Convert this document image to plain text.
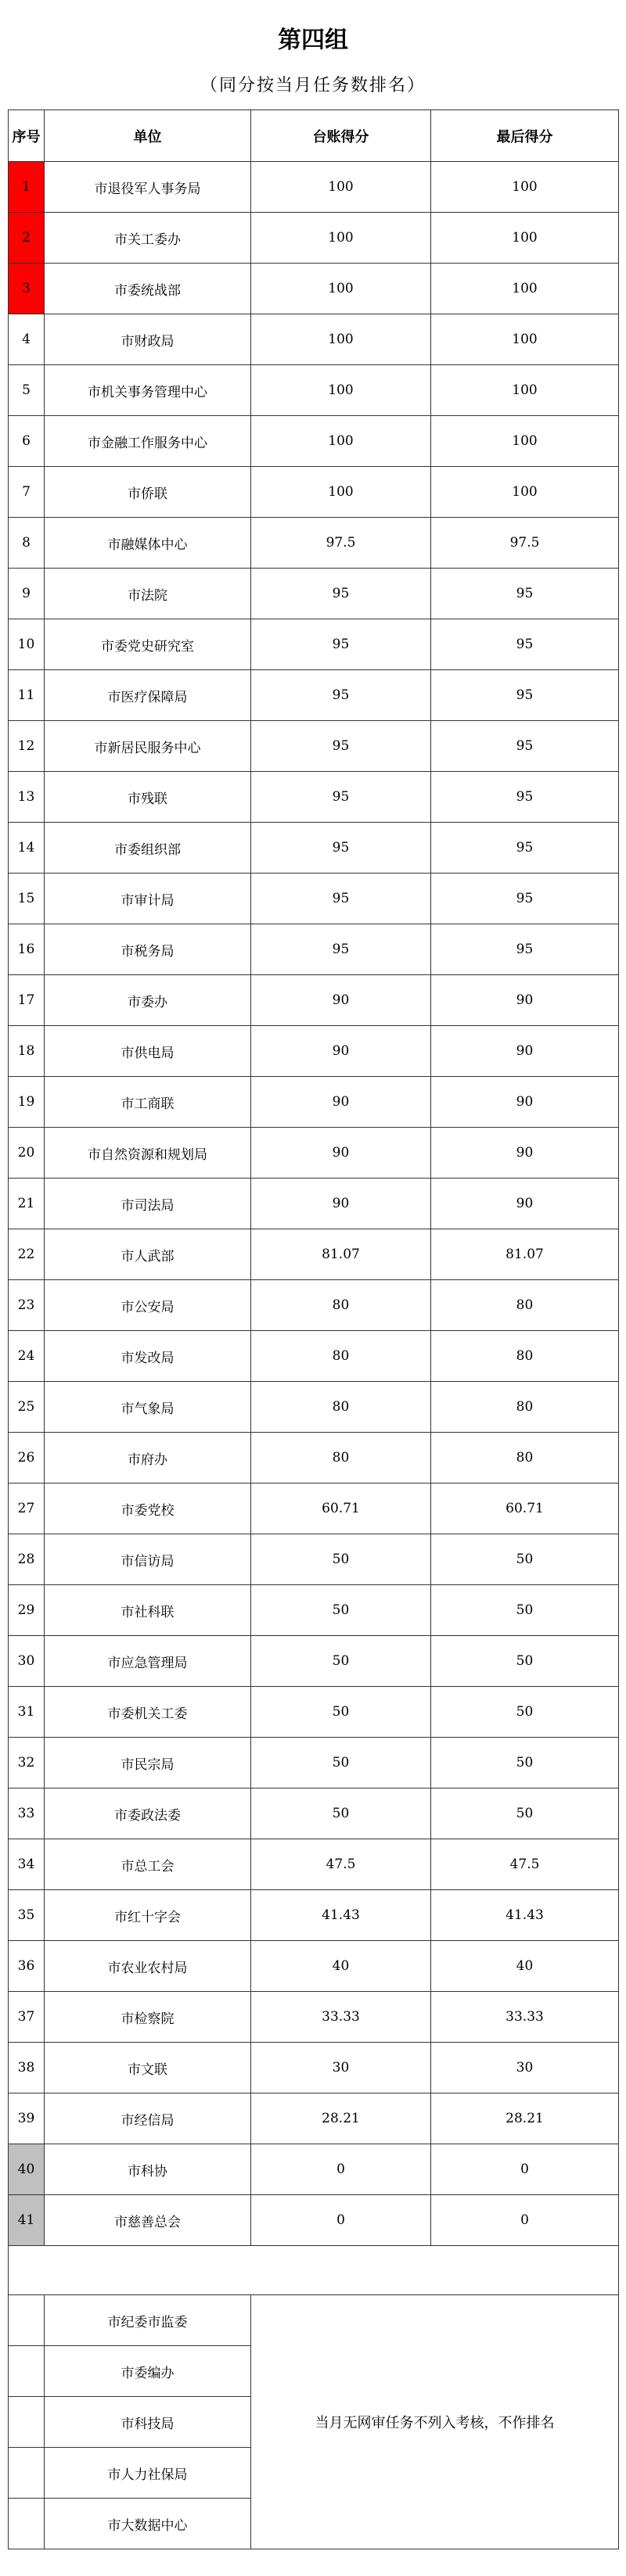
第四组
（同分按当月任务数排名）
序号	单位	台账得分	最后得分
1	市退役军人事务局	100	100
2	市关工委办	100	100
3	市委统战部	100	100
4	市财政局	100	100
5	市机关事务管理中心	100	100
6	市金融工作服务中心	100	100
7	市侨联	100	100
8	市融媒体中心	97.5	97.5
9	市法院	95	95
10	市委党史研究室	95	95
11	市医疗保障局	95	95
12	市新居民服务中心	95	95
13	市残联	95	95
14	市委组织部	95	95
15	市审计局	95	95
16	市税务局	95	95
17	市委办	90	90
18	市供电局	90	90
19	市工商联	90	90
20	市自然资源和规划局	90	90
21	市司法局	90	90
22	市人武部	81.07	81.07
23	市公安局	80	80
24	市发改局	80	80
25	市气象局	80	80
26	市府办	80	80
27	市委党校	60.71	60.71
28	市信访局	50	50
29	市社科联	50	50
30	市应急管理局	50	50
31	市委机关工委	50	50
32	市民宗局	50	50
33	市委政法委	50	50
34	市总工会	47.5	47.5
35	市红十字会	41.43	41.43
36	市农业农村局	40	40
37	市检察院	33.33	33.33
38	市文联	30	30
39	市经信局	28.21	28.21
40	市科协	0	0
41	市慈善总会	0	0

	市纪委市监委	当月无网审任务不列入考核，不作排名	
	市委编办		
	市科技局		
	市人力社保局		
	市大数据中心		
